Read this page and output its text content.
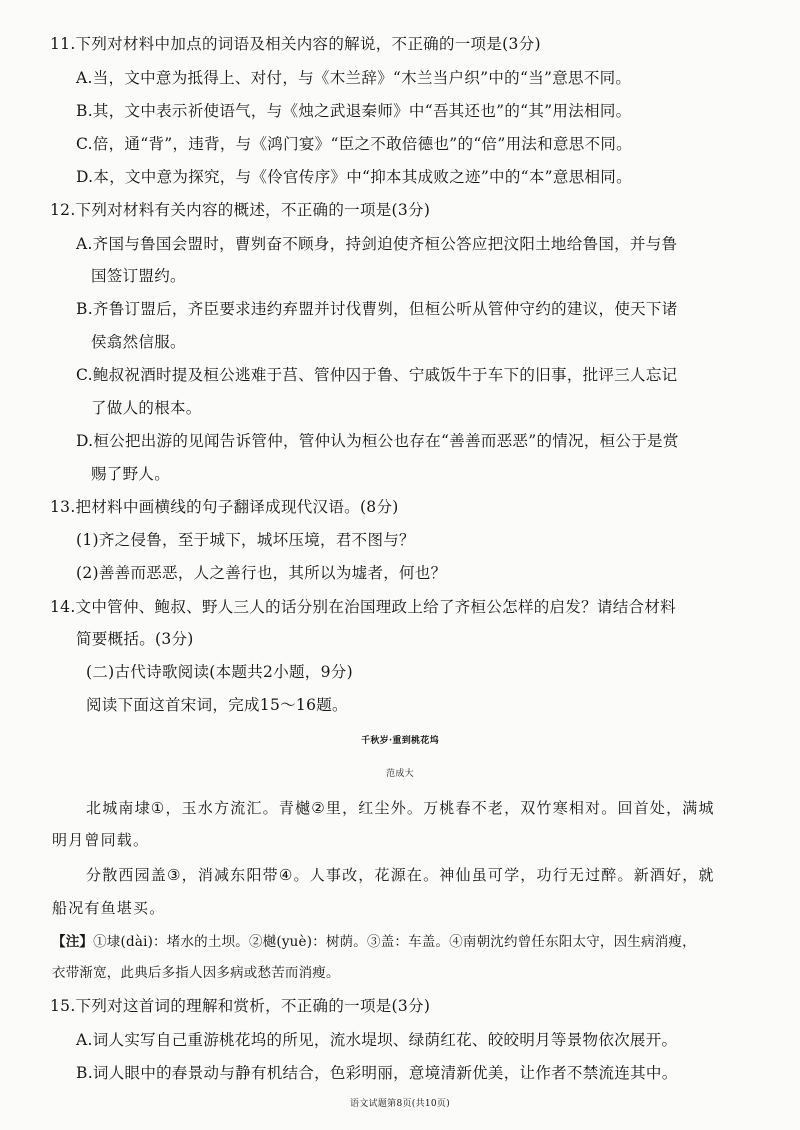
11.下列对材料中加点的词语及相关内容的解说，不正确的一项是(3分)
A.当，文中意为抵得上、对付，与《木兰辞》“木兰当户织”中的“当”意思不同。
B.其，文中表示祈使语气，与《烛之武退秦师》中“吾其还也”的“其”用法相同。
C.倍，通“背”，违背，与《鸿门宴》“臣之不敢倍德也”的“倍”用法和意思不同。
D.本，文中意为探究，与《伶官传序》中“抑本其成败之迹”中的“本”意思相同。
12.下列对材料有关内容的概述，不正确的一项是(3分)
A.齐国与鲁国会盟时，曹刿奋不顾身，持剑迫使齐桓公答应把汶阳土地给鲁国，并与鲁
国签订盟约。
B.齐鲁订盟后，齐臣要求违约弃盟并讨伐曹刿，但桓公听从管仲守约的建议，使天下诸
侯翕然信服。
C.鲍叔祝酒时提及桓公逃难于莒、管仲囚于鲁、宁戚饭牛于车下的旧事，批评三人忘记
了做人的根本。
D.桓公把出游的见闻告诉管仲，管仲认为桓公也存在“善善而恶恶”的情况，桓公于是赏
赐了野人。
13.把材料中画横线的句子翻译成现代汉语。(8分)
(1)齐之侵鲁，至于城下，城坏压境，君不图与？
(2)善善而恶恶，人之善行也，其所以为墟者，何也？
14.文中管仲、鲍叔、野人三人的话分别在治国理政上给了齐桓公怎样的启发？请结合材料
简要概括。(3分)
(二)古代诗歌阅读(本题共2小题，9分)
阅读下面这首宋词，完成15～16题。
千秋岁·重到桃花坞
范成大
北城南埭①，玉水方流汇。青樾②里，红尘外。万桃春不老，双竹寒相对。回首处，满城
明月曾同载。
分散西园盖③，消减东阳带④。人事改，花源在。神仙虽可学，功行无过醉。新酒好，就
船况有鱼堪买。
【注】①埭(dài)：堵水的土坝。②樾(yuè)：树荫。③盖：车盖。④南朝沈约曾任东阳太守，因生病消瘦，
衣带渐宽，此典后多指人因多病或愁苦而消瘦。
15.下列对这首词的理解和赏析，不正确的一项是(3分)
A.词人实写自己重游桃花坞的所见，流水堤坝、绿荫红花、皎皎明月等景物依次展开。
B.词人眼中的春景动与静有机结合，色彩明丽，意境清新优美，让作者不禁流连其中。
语文试题第8页(共10页)
